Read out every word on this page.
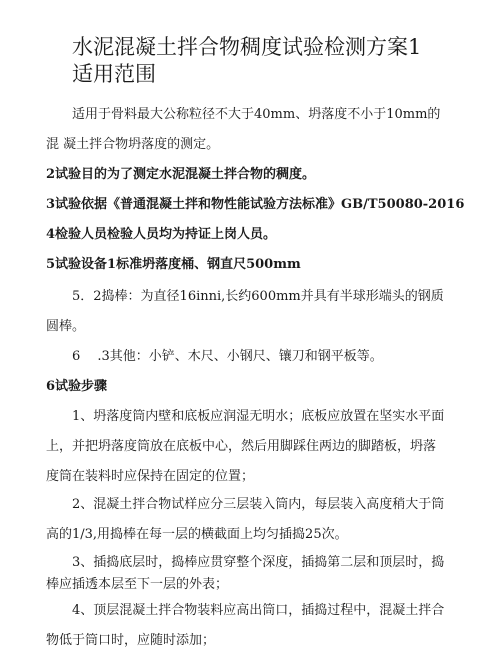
水泥混凝土拌合物稠度试验检测方案1适用范围

适用于骨料最大公称粒径不大于40mm、坍落度不小于10mm的混 凝土拌合物坍落度的测定。

2试验目的为了测定水泥混凝土拌合物的稠度。

3试验依据《普通混凝土拌和物性能试验方法标准》GB/T50080-2016

4检验人员检验人员均为持证上岗人员。

5试验设备1标准坍落度桶、钢直尺500mm

5．2捣棒：为直径16inni,长约600mm并具有半球形端头的钢质 圆棒。

6　 .3其他：小铲、木尺、小钢尺、镶刀和钢平板等。

6试验步骤

1、坍落度筒内壁和底板应润湿无明水；底板应放置在坚实水平面上，并把坍落度筒放在底板中心，然后用脚踩住两边的脚踏板，坍落度筒在装料时应保持在固定的位置；

2、混凝土拌合物试样应分三层装入筒内，每层装入高度稍大于筒高的1/3,用捣棒在每一层的横截面上均匀插捣25次。

3、插捣底层时，捣棒应贯穿整个深度，插捣第二层和顶层时，捣棒应插透本层至下一层的外表；

4、顶层混凝土拌合物装料应高出筒口，插捣过程中，混凝土拌合物低于筒口时，应随时添加；
